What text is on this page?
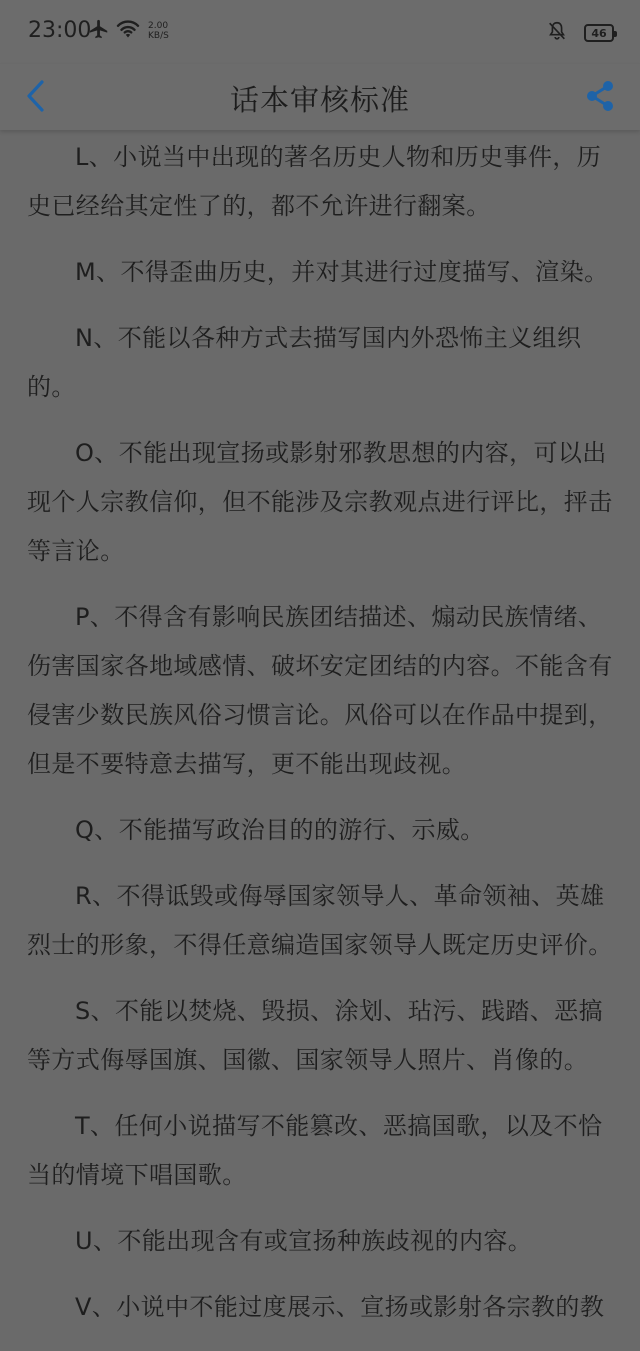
23:00	2.00
KB/S	46
话本审核标准

L、小说当中出现的著名历史人物和历史事件，历史已经给其定性了的，都不允许进行翻案。

M、不得歪曲历史，并对其进行过度描写、渲染。

N、不能以各种方式去描写国内外恐怖主义组织的。

O、不能出现宣扬或影射邪教思想的内容，可以出现个人宗教信仰，但不能涉及宗教观点进行评比，抨击等言论。

P、不得含有影响民族团结描述、煽动民族情绪、伤害国家各地域感情、破坏安定团结的内容。不能含有侵害少数民族风俗习惯言论。风俗可以在作品中提到，但是不要特意去描写，更不能出现歧视。

Q、不能描写政治目的的游行、示威。

R、不得诋毁或侮辱国家领导人、革命领袖、英雄烈士的形象，不得任意编造国家领导人既定历史评价。

S、不能以焚烧、毁损、涂划、玷污、践踏、恶搞等方式侮辱国旗、国徽、国家领导人照片、肖像的。

T、任何小说描写不能篡改、恶搞国歌，以及不恰当的情境下唱国歌。

U、不能出现含有或宣扬种族歧视的内容。

V、小说中不能过度展示、宣扬或影射各宗教的教
